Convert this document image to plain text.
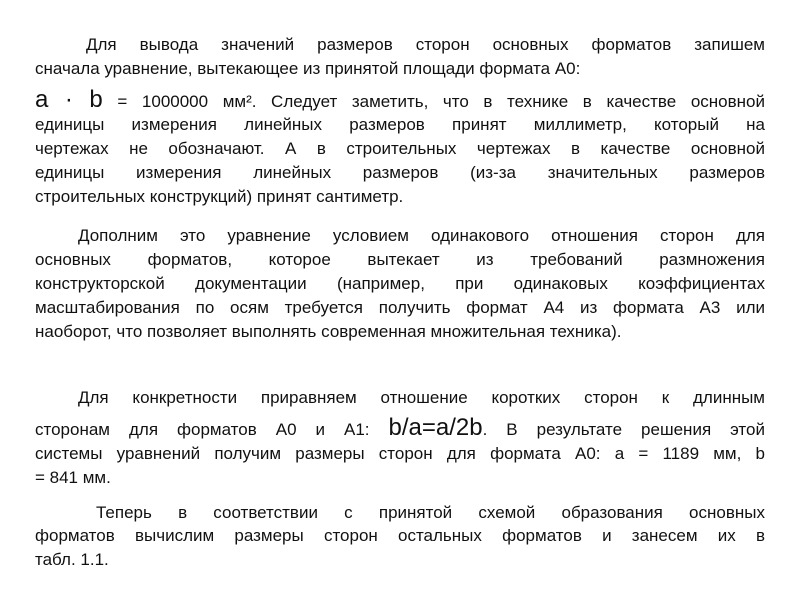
Для вывода значений размеров сторон основных форматов запишем
сначала уравнение, вытекающее из принятой площади формата А0:
a · b = 1000000 мм². Следует заметить, что в технике в качестве основной
единицы измерения линейных размеров принят миллиметр, который на
чертежах не обозначают. А в строительных чертежах в качестве основной
единицы измерения линейных размеров (из-за значительных размеров
строительных конструкций) принят сантиметр.
Дополним это уравнение условием одинакового отношения сторон для
основных форматов, которое вытекает из требований размножения
конструкторской документации (например, при одинаковых коэффициентах
масштабирования по осям требуется получить формат А4 из формата А3 или
наоборот, что позволяет выполнять современная множительная техника).
Для конкретности приравняем отношение коротких сторон к длинным
сторонам для форматов А0 и А1: b/a=a/2b. В результате решения этой
системы уравнений получим размеры сторон для формата А0: а = 1189 мм, b
= 841 мм.
Теперь в соответствии с принятой схемой образования основных
форматов вычислим размеры сторон остальных форматов и занесем их в
табл. 1.1.
